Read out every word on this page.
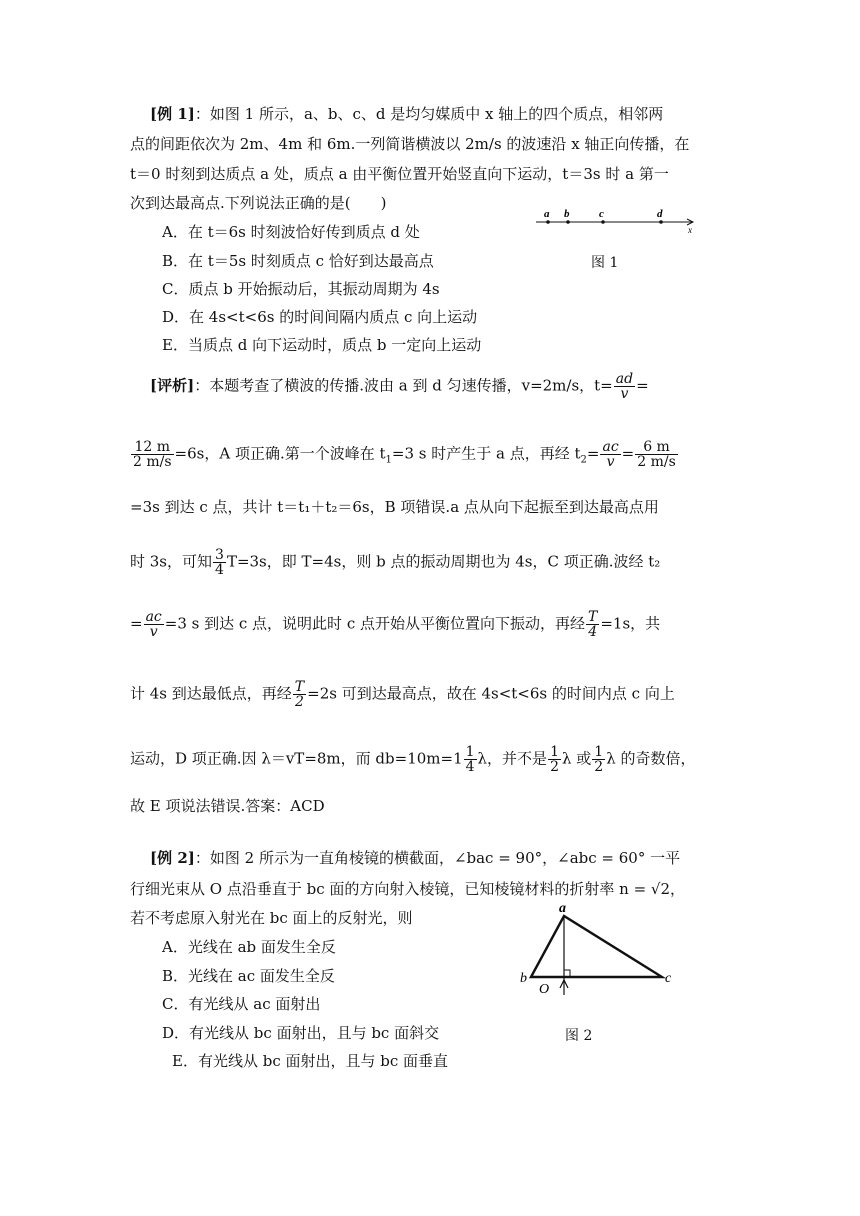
[例 1]：如图 1 所示，a、b、c、d 是均匀媒质中 x 轴上的四个质点，相邻两
点的间距依次为 2m、4m 和 6m.一列简谐横波以 2m/s 的波速沿 x 轴正向传播，在
t＝0 时刻到达质点 a 处，质点 a 由平衡位置开始竖直向下运动，t＝3s 时 a 第一
次到达最高点.下列说法正确的是(　　)
A．在 t＝6s 时刻波恰好传到质点 d 处
B．在 t＝5s 时刻质点 c 恰好到达最高点
C．质点 b 开始振动后，其振动周期为 4s
D．在 4s<t<6s 的时间间隔内质点 c 向上运动
E．当质点 d 向下运动时，质点 b 一定向上运动
a b	c	d
x
图 1
[评析]：本题考查了横波的传播.波由 a 到 d 匀速传播，v=2m/s，$t= \frac{ad}{v}$ =
$\frac{12 m}{2 m/s} =6s$，A 项正确.第一个波峰在 $t_1=3$ s 时产生于 a 点，再经 $t_2= \frac{ac}{v} = \frac{6 m}{2 m/s}$
=3s 到达 c 点，共计 t＝t₁＋t₂＝6s，B 项错误.a 点从向下起振至到达最高点用
时 3s，可知 $\frac{3}{4} T=3s$，即 T=4s，则 b 点的振动周期也为 4s，C 项正确.波经 t₂
= $\frac{ac}{v} =3$ s 到达 c 点，说明此时 c 点开始从平衡位置向下振动，再经 $\frac{T}{4} =1s$，共
计 4s 到达最低点，再经 $\frac{T}{2} =2s$ 可到达最高点，故在 4s<t<6s 的时间内点 c 向上
运动，D 项正确.因 λ＝vT=8m，而 $db=10m=1 \frac{1}{4}$ λ，并不是 $\frac{1}{2}$ λ 或 $\frac{1}{2}$ λ 的奇数倍，
故 E 项说法错误.答案：ACD
[例 2]：如图 2 所示为一直角棱镜的横截面，∠bac = 90°，∠abc = 60° 一平
行细光束从 O 点沿垂直于 bc 面的方向射入棱镜，已知棱镜材料的折射率 n = √2，
若不考虑原入射光在 bc 面上的反射光，则
A．光线在 ab 面发生全反
B．光线在 ac 面发生全反
C．有光线从 ac 面射出
D．有光线从 bc 面射出，且与 bc 面斜交
E．有光线从 bc 面射出，且与 bc 面垂直
a
b	c
O
图 2
